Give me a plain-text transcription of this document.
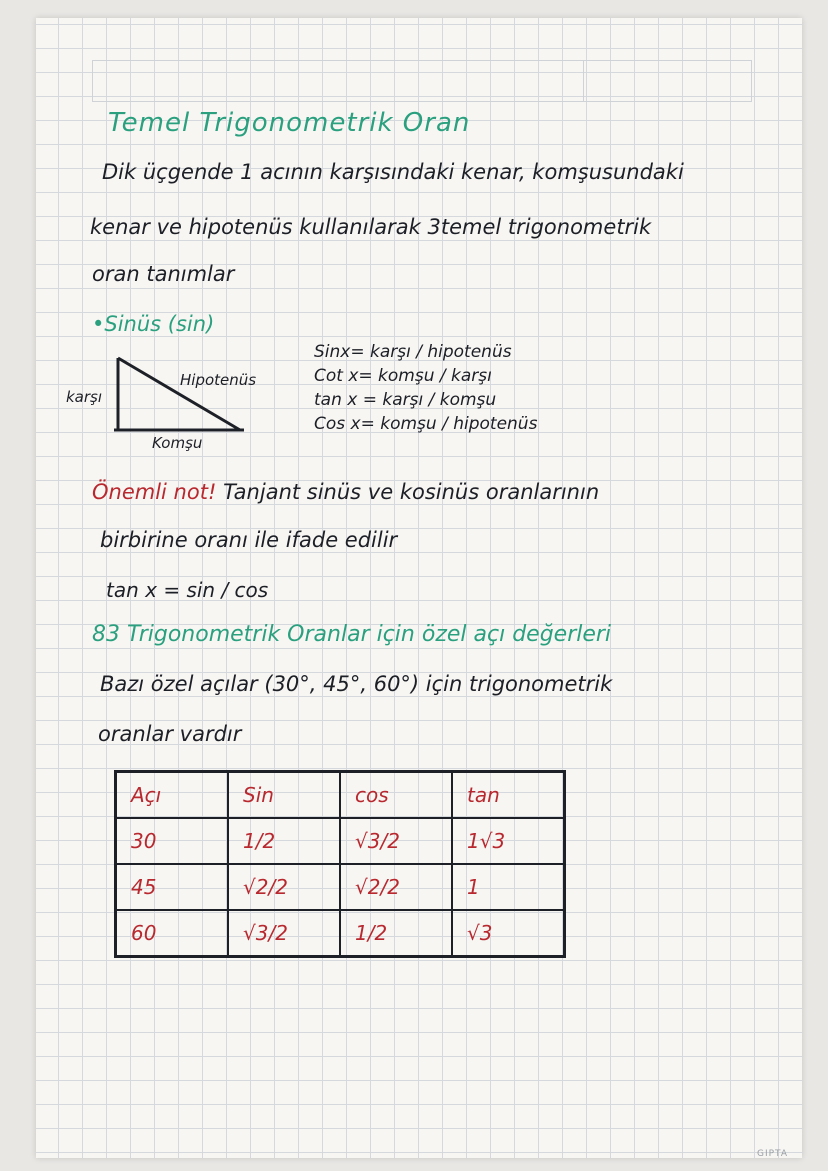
Temel Trigonometrik Oran
Dik üçgende 1 acının karşısındaki kenar, komşusundaki
kenar ve hipotenüs kullanılarak 3temel trigonometrik
oran tanımlar
•Sinüs (sin)
karşı
Hipotenüs
Komşu
Sinx= karşı / hipotenüs
Cot x= komşu / karşı
tan x = karşı / komşu
Cos x= komşu / hipotenüs
Önemli not! Tanjant sinüs ve kosinüs oranlarının
birbirine oranı ile ifade edilir
tan x = sin / cos
83 Trigonometrik Oranlar için özel açı değerleri
Bazı özel açılar (30°, 45°, 60°) için trigonometrik
oranlar vardır
Açı	Sin	cos	tan
30	1/2	√3/2	1√3
45	√2/2	√2/2	1
60	√3/2	1/2	√3
GIPTA
